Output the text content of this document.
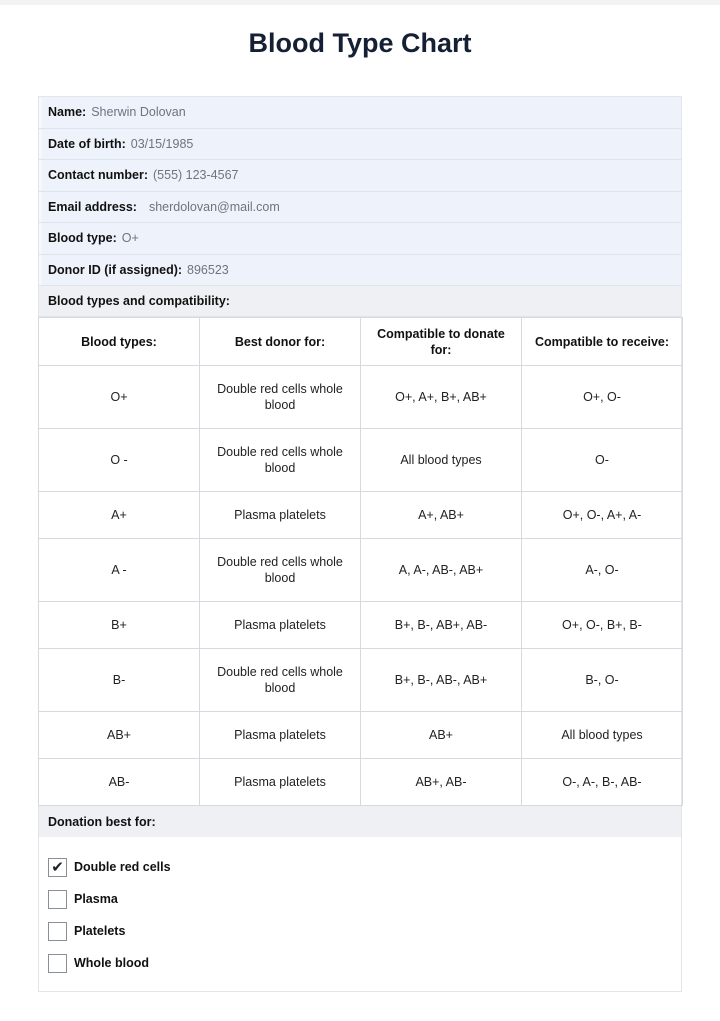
Blood Type Chart
Name: Sherwin Dolovan
Date of birth: 03/15/1985
Contact number: (555) 123-4567
Email address: sherdolovan@mail.com
Blood type: O+
Donor ID (if assigned): 896523
Blood types and compatibility:
Blood types:	Best donor for:	Compatible to donate for:	Compatible to receive:
O+	Double red cells whole blood	O+, A+, B+, AB+	O+, O-
O -	Double red cells whole blood	All blood types	O-
A+	Plasma platelets	A+, AB+	O+, O-, A+, A-
A -	Double red cells whole blood	A, A-, AB-, AB+	A-, O-
B+	Plasma platelets	B+, B-, AB+, AB-	O+, O-, B+, B-
B-	Double red cells whole blood	B+, B-, AB-, AB+	B-, O-
AB+	Plasma platelets	AB+	All blood types
AB-	Plasma platelets	AB+, AB-	O-, A-, B-, AB-
Donation best for:
✔ Double red cells
Plasma
Platelets
Whole blood
